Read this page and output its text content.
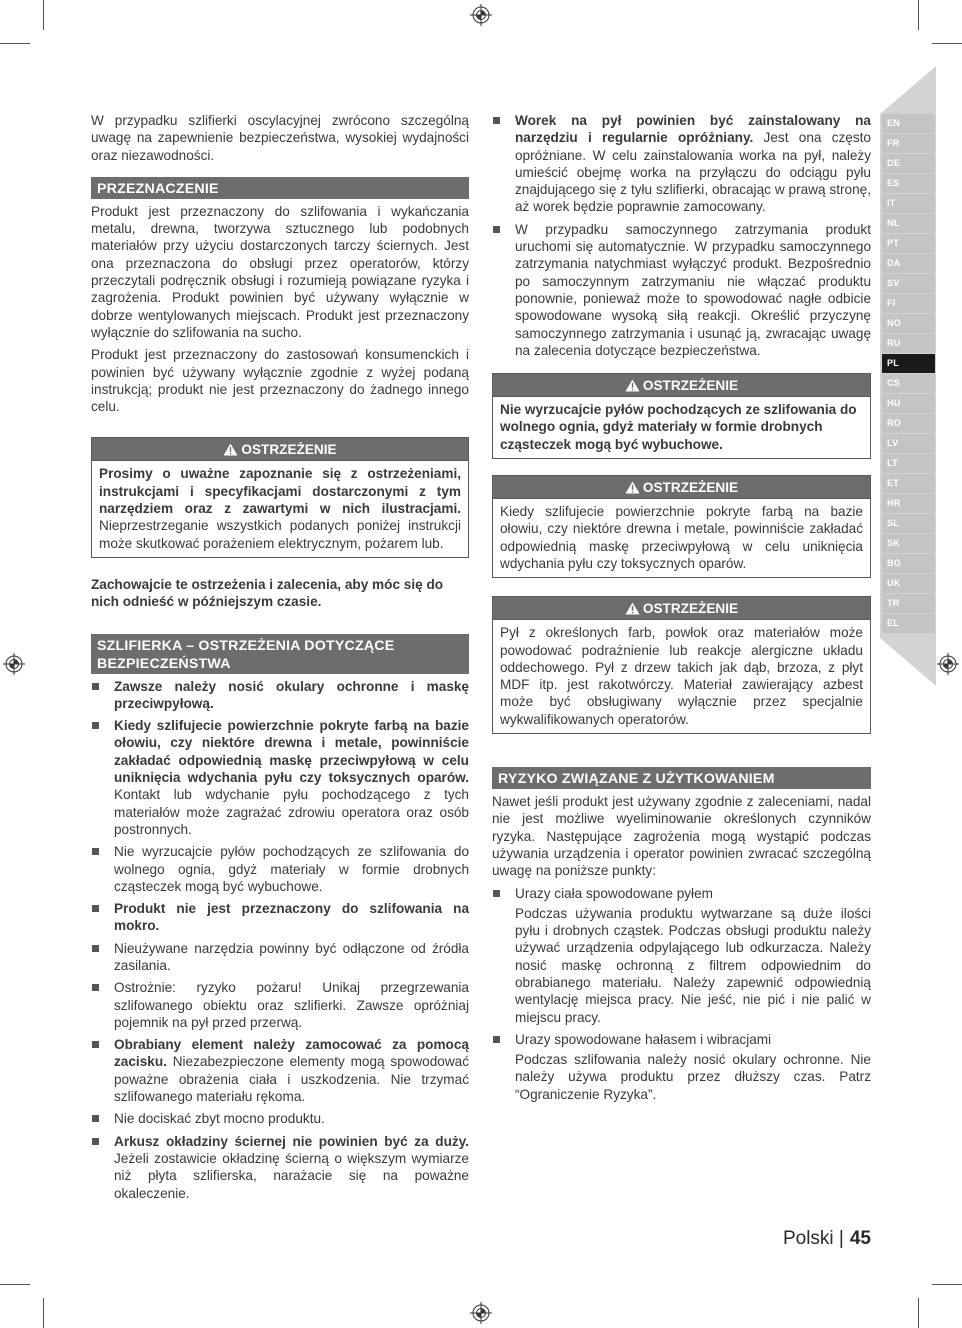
EN
FR
DE
ES
IT
NL
PT
DA
SV
FI
NO
RU
PL
CS
HU
RO
LV
LT
ET
HR
SL
SK
BG
UK
TR
EL

W przypadku szlifierki oscylacyjnej zwrócono szczególną uwagę na zapewnienie bezpieczeństwa, wysokiej wydajności oraz niezawodności.

PRZEZNACZENIE

Produkt jest przeznaczony do szlifowania i wykańczania metalu, drewna, tworzywa sztucznego lub podobnych materiałów przy użyciu dostarczonych tarczy ściernych. Jest ona przeznaczona do obsługi przez operatorów, którzy przeczytali podręcznik obsługi i rozumieją powiązane ryzyka i zagrożenia. Produkt powinien być używany wyłącznie w dobrze wentylowanych miejscach. Produkt jest przeznaczony wyłącznie do szlifowania na sucho.

Produkt jest przeznaczony do zastosowań konsumenckich i powinien być używany wyłącznie zgodnie z wyżej podaną instrukcją; produkt nie jest przeznaczony do żadnego innego celu.

OSTRZEŻENIE
Prosimy o uważne zapoznanie się z ostrzeżeniami, instrukcjami i specyfikacjami dostarczonymi z tym narzędziem oraz z zawartymi w nich ilustracjami. Nieprzestrzeganie wszystkich podanych poniżej instrukcji może skutkować porażeniem elektrycznym, pożarem lub.

Zachowajcie te ostrzeżenia i zalecenia, aby móc się do nich odnieść w późniejszym czasie.

SZLIFIERKA – OSTRZEŻENIA DOTYCZĄCE BEZPIECZEŃSTWA
Zawsze należy nosić okulary ochronne i maskę przeciwpyłową.
Kiedy szlifujecie powierzchnie pokryte farbą na bazie ołowiu, czy niektóre drewna i metale, powinniście zakładać odpowiednią maskę przeciwpyłową w celu uniknięcia wdychania pyłu czy toksycznych oparów. Kontakt lub wdychanie pyłu pochodzącego z tych materiałów może zagrażać zdrowiu operatora oraz osób postronnych.
Nie wyrzucajcie pyłów pochodzących ze szlifowania do wolnego ognia, gdyż materiały w formie drobnych cząsteczek mogą być wybuchowe.
Produkt nie jest przeznaczony do szlifowania na mokro.
Nieużywane narzędzia powinny być odłączone od źródła zasilania.
Ostrożnie: ryzyko pożaru! Unikaj przegrzewania szlifowanego obiektu oraz szlifierki. Zawsze opróżniaj pojemnik na pył przed przerwą.
Obrabiany element należy zamocować za pomocą zacisku. Niezabezpieczone elementy mogą spowodować poważne obrażenia ciała i uszkodzenia. Nie trzymać szlifowanego materiału rękoma.
Nie dociskać zbyt mocno produktu.
Arkusz okładziny ściernej nie powinien być za duży. Jeżeli zostawicie okładzinę ścierną o większym wymiarze niż płyta szlifierska, narażacie się na poważne okaleczenie.
Worek na pył powinien być zainstalowany na narzędziu i regularnie opróżniany. Jest ona często opróżniane. W celu zainstalowania worka na pył, należy umieścić obejmę worka na przyłączu do odciągu pyłu znajdującego się z tyłu szlifierki, obracając w prawą stronę, aż worek będzie poprawnie zamocowany.
W przypadku samoczynnego zatrzymania produkt uruchomi się automatycznie. W przypadku samoczynnego zatrzymania natychmiast wyłączyć produkt. Bezpośrednio po samoczynnym zatrzymaniu nie włączać produktu ponownie, ponieważ może to spowodować nagłe odbicie spowodowane wysoką siłą reakcji. Określić przyczynę samoczynnego zatrzymania i usunąć ją, zwracając uwagę na zalecenia dotyczące bezpieczeństwa.
OSTRZEŻENIE
Nie wyrzucajcie pyłów pochodzących ze szlifowania do wolnego ognia, gdyż materiały w formie drobnych cząsteczek mogą być wybuchowe.
OSTRZEŻENIE
Kiedy szlifujecie powierzchnie pokryte farbą na bazie ołowiu, czy niektóre drewna i metale, powinniście zakładać odpowiednią maskę przeciwpyłową w celu uniknięcia wdychania pyłu czy toksycznych oparów.
OSTRZEŻENIE
Pył z określonych farb, powłok oraz materiałów może powodować podrażnienie lub reakcje alergiczne układu oddechowego. Pył z drzew takich jak dąb, brzoza, z płyt MDF itp. jest rakotwórczy. Materiał zawierający azbest może być obsługiwany wyłącznie przez specjalnie wykwalifikowanych operatorów.
RYZYKO ZWIĄZANE Z UŻYTKOWANIEM

Nawet jeśli produkt jest używany zgodnie z zaleceniami, nadal nie jest możliwe wyeliminowanie określonych czynników ryzyka. Następujące zagrożenia mogą wystąpić podczas używania urządzenia i operator powinien zwracać szczególną uwagę na poniższe punkty:

Urazy ciała spowodowane pyłem
Podczas używania produktu wytwarzane są duże ilości pyłu i drobnych cząstek. Podczas obsługi produktu należy używać urządzenia odpylającego lub odkurzacza. Należy nosić maskę ochronną z filtrem odpowiednim do obrabianego materiału. Należy zapewnić odpowiednią wentylację miejsca pracy. Nie jeść, nie pić i nie palić w miejscu pracy.
Urazy spowodowane hałasem i wibracjami
Podczas szlifowania należy nosić okulary ochronne. Nie należy używa produktu przez dłuższy czas. Patrz “Ograniczenie Ryzyka”.
Polski | 45
